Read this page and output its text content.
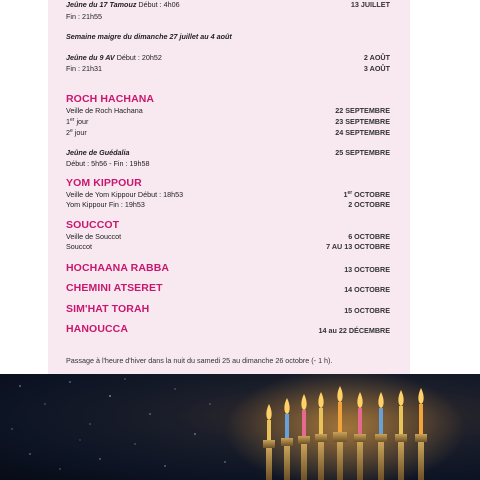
Jeûne du 17 Tamouz Début : 4h06	13 JUILLET
Fin : 21h55
Semaine maigre du dimanche 27 juillet au 4 août
Jeûne du 9 AV Début : 20h52	2 AOÛT
Fin : 21h31	3 AOÛT
ROCH HACHANA
Veille de Roch Hachana	22 SEPTEMBRE
1er jour	23 SEPTEMBRE
2e jour	24 SEPTEMBRE
Jeûne de Guédalia	25 SEPTEMBRE
Début : 5h56 - Fin : 19h58
YOM KIPPOUR
Veille de Yom Kippour Début : 18h53	1er OCTOBRE
Yom Kippour Fin : 19h53	2 OCTOBRE
SOUCCOT
Veille de Souccot	6 OCTOBRE
Souccot	7 AU 13 OCTOBRE
HOCHAANA RABBA	13 OCTOBRE
CHEMINI ATSERET	14 OCTOBRE
SIM'HAT TORAH	15 OCTOBRE
HANOUCCA	14 au 22 DÉCEMBRE
Passage à l'heure d'hiver dans la nuit du samedi 25 au dimanche 26 octobre (- 1 h).
